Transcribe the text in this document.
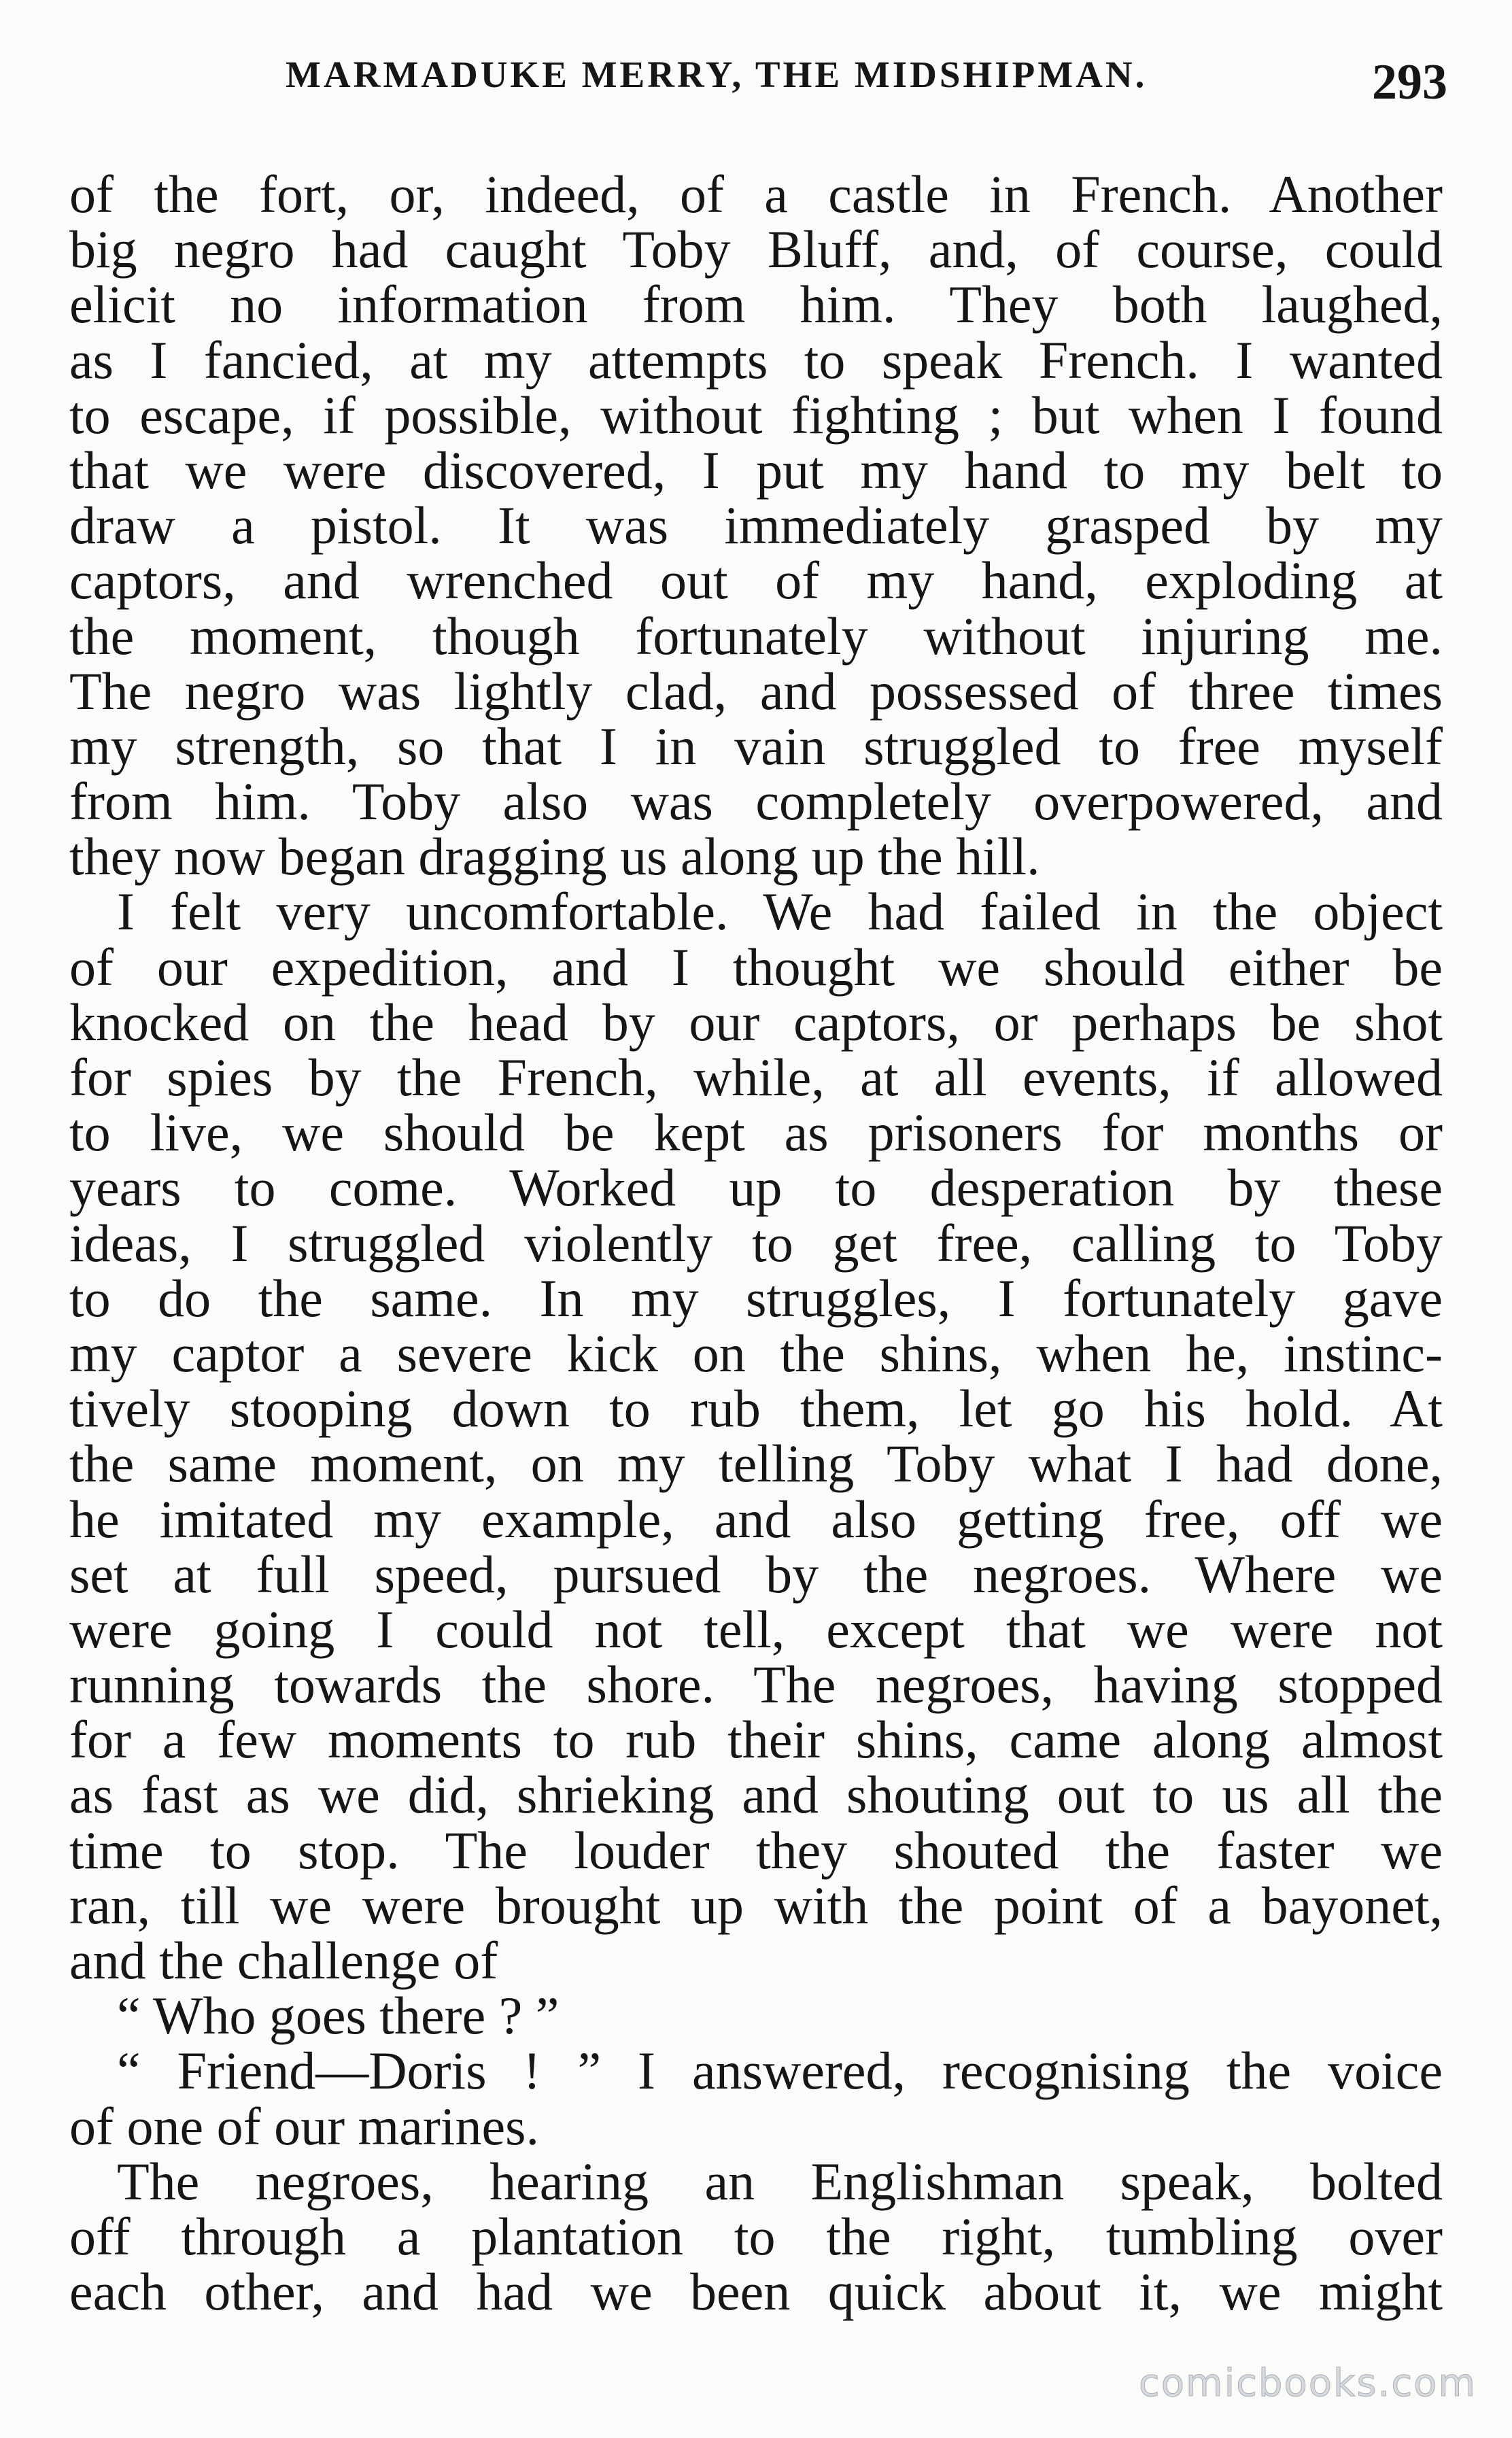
MARMADUKE MERRY, THE MIDSHIPMAN.	293
of the fort, or, indeed, of a castle in French. Another
big negro had caught Toby Bluff, and, of course, could
elicit no information from him. They both laughed,
as I fancied, at my attempts to speak French. I wanted
to escape, if possible, without fighting ; but when I found
that we were discovered, I put my hand to my belt to
draw a pistol. It was immediately grasped by my
captors, and wrenched out of my hand, exploding at
the moment, though fortunately without injuring me.
The negro was lightly clad, and possessed of three times
my strength, so that I in vain struggled to free myself
from him. Toby also was completely overpowered, and
they now began dragging us along up the hill.
I felt very uncomfortable. We had failed in the object
of our expedition, and I thought we should either be
knocked on the head by our captors, or perhaps be shot
for spies by the French, while, at all events, if allowed
to live, we should be kept as prisoners for months or
years to come. Worked up to desperation by these
ideas, I struggled violently to get free, calling to Toby
to do the same. In my struggles, I fortunately gave
my captor a severe kick on the shins, when he, instinc-
tively stooping down to rub them, let go his hold. At
the same moment, on my telling Toby what I had done,
he imitated my example, and also getting free, off we
set at full speed, pursued by the negroes. Where we
were going I could not tell, except that we were not
running towards the shore. The negroes, having stopped
for a few moments to rub their shins, came along almost
as fast as we did, shrieking and shouting out to us all the
time to stop. The louder they shouted the faster we
ran, till we were brought up with the point of a bayonet,
and the challenge of
“ Who goes there ? ”
“ Friend—Doris ! ” I answered, recognising the voice
of one of our marines.
The negroes, hearing an Englishman speak, bolted
off through a plantation to the right, tumbling over
each other, and had we been quick about it, we might
comicbooks.com
